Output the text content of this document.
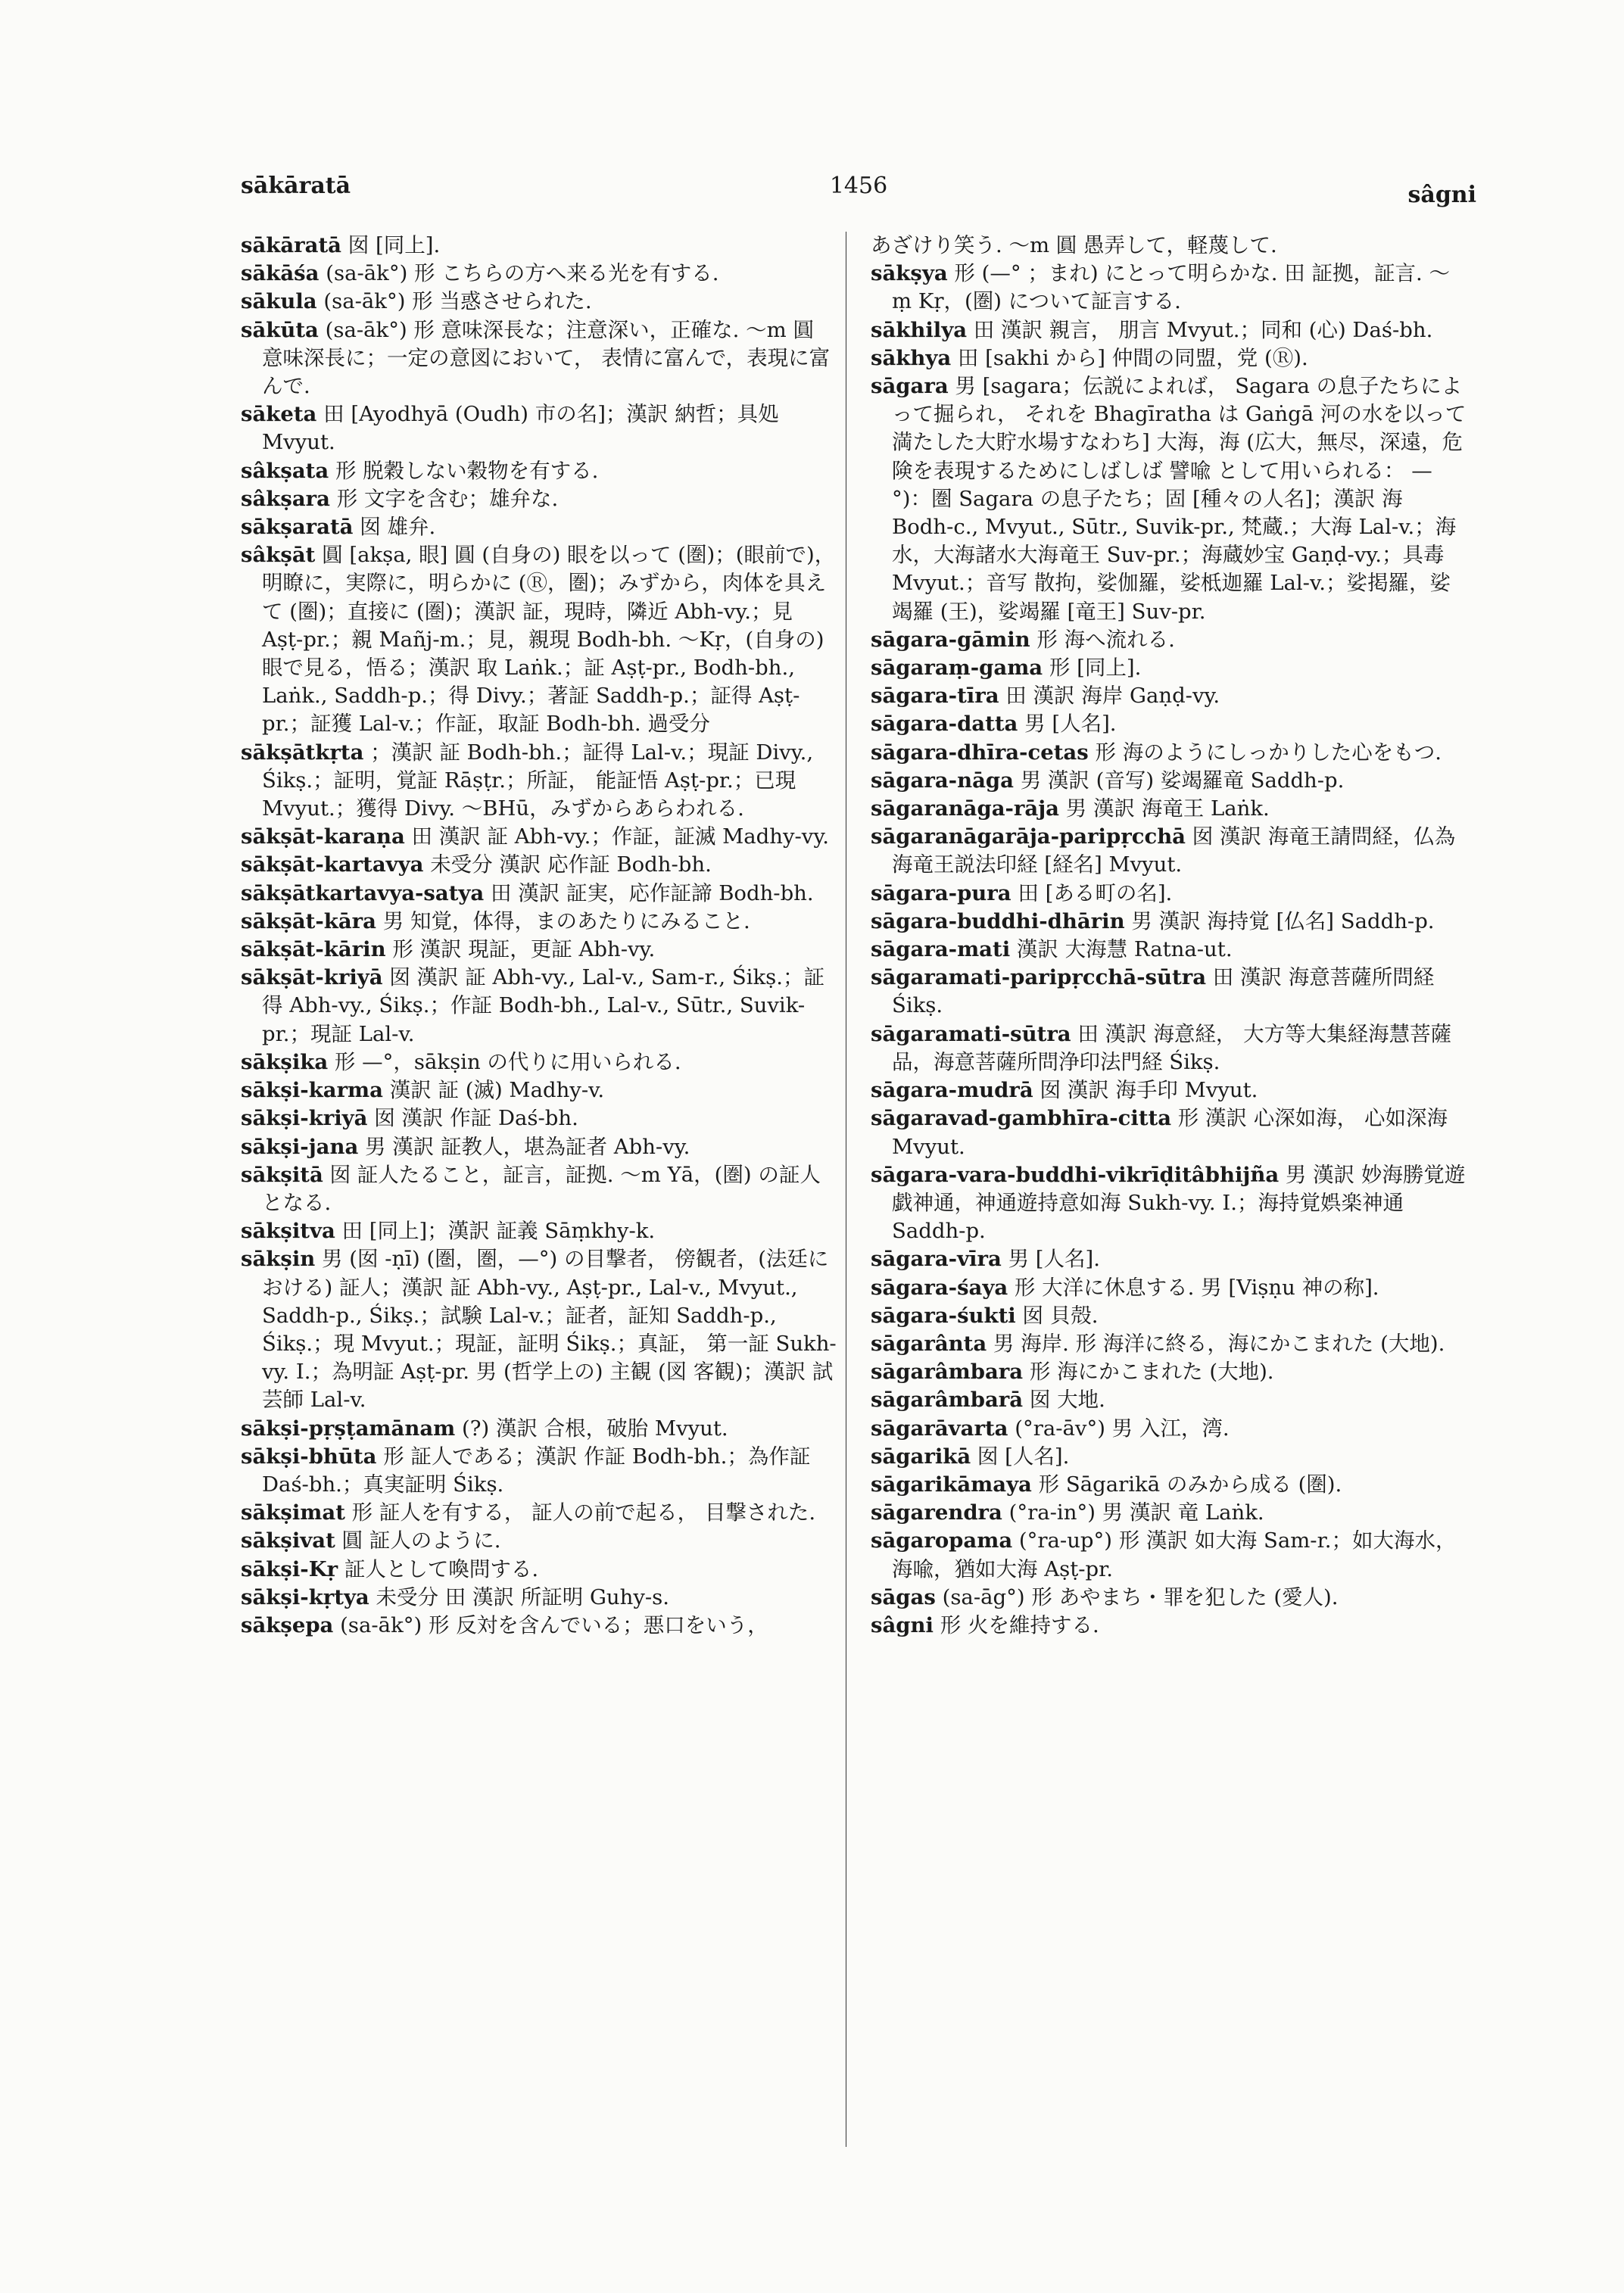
sākāratā	1456	sâgni

sākāratā 囡 [同上].

sākāśa (sa-āk°) 形 こちらの方へ来る光を有する.

sākula (sa-āk°) 形 当惑させられた.

sākūta (sa-āk°) 形 意味深長な；注意深い，正確な. ～m 圓 意味深長に；一定の意図において， 表情に富んで，表現に富んで.

sāketa 田 [Ayodhyā (Oudh) 市の名]；漢訳 納哲；具処 Mvyut.

sâkṣata 形 脱穀しない穀物を有する.

sâkṣara 形 文字を含む；雄弁な.

sākṣaratā 囡 雄弁.

sâkṣāt 圓 [akṣa, 眼] 圓 (自身の) 眼を以って (圏)；(眼前で)，明瞭に，実際に，明らかに (Ⓡ，圏)；みずから，肉体を具えて (圏)；直接に (圏)；漢訳 証，現時，隣近 Abh-vy.；見 Aṣṭ-pr.；親 Mañj-m.；見，親現 Bodh-bh. ～Kṛ，(自身の) 眼で見る，悟る；漢訳 取 Laṅk.；証 Aṣṭ-pr., Bodh-bh., Laṅk., Saddh-p.；得 Divy.；著証 Saddh-p.；証得 Aṣṭ-pr.；証獲 Lal-v.；作証，取証 Bodh-bh. 過受分

sākṣātkṛta ；漢訳 証 Bodh-bh.；証得 Lal-v.；現証 Divy., Śikṣ.；証明，覚証 Rāṣṭr.；所証， 能証悟 Aṣṭ-pr.；已現 Mvyut.；獲得 Divy. ～BHū，みずからあらわれる.

sākṣāt-karaṇa 田 漢訳 証 Abh-vy.；作証，証滅 Madhy-vy.

sākṣāt-kartavya 未受分 漢訳 応作証 Bodh-bh.

sākṣātkartavya-satya 田 漢訳 証実，応作証諦 Bodh-bh.

sākṣāt-kāra 男 知覚，体得，まのあたりにみること.

sākṣāt-kārin 形 漢訳 現証，更証 Abh-vy.

sākṣāt-kriyā 囡 漢訳 証 Abh-vy., Lal-v., Sam-r., Śikṣ.；証得 Abh-vy., Śikṣ.；作証 Bodh-bh., Lal-v., Sūtr., Suvik-pr.；現証 Lal-v.

sākṣika 形 —°，sākṣin の代りに用いられる.

sākṣi-karma 漢訳 証 (滅) Madhy-v.

sākṣi-kriyā 囡 漢訳 作証 Daś-bh.

sākṣi-jana 男 漢訳 証教人，堪為証者 Abh-vy.

sākṣitā 囡 証人たること，証言，証拠. ～m Yā，(圏) の証人となる.

sākṣitva 田 [同上]；漢訳 証義 Sāṃkhy-k.

sākṣin 男 (囡 -ṇī) (圏，圏，—°) の目撃者， 傍観者，(法廷における) 証人；漢訳 証 Abh-vy., Aṣṭ-pr., Lal-v., Mvyut., Saddh-p., Śikṣ.；試験 Lal-v.；証者，証知 Saddh-p., Śikṣ.；現 Mvyut.；現証，証明 Śikṣ.；真証， 第一証 Sukh-vy. I.；為明証 Aṣṭ-pr. 男 (哲学上の) 主観 (図 客観)；漢訳 試芸師 Lal-v.

sākṣi-pṛṣṭamānam (?) 漢訳 合根，破胎 Mvyut.

sākṣi-bhūta 形 証人である；漢訳 作証 Bodh-bh.；為作証 Daś-bh.；真実証明 Śikṣ.

sākṣimat 形 証人を有する， 証人の前で起る， 目撃された.

sākṣivat 圓 証人のように.

sākṣi-Kṛ 証人として喚問する.

sākṣi-kṛtya 未受分 田 漢訳 所証明 Guhy-s.

sākṣepa (sa-āk°) 形 反対を含んでいる；悪口をいう，

あざけり笑う. ～m 圓 愚弄して，軽蔑して.

sākṣya 形 (—° ；まれ) にとって明らかな. 田 証拠，証言. ～ṃ Kṛ，(圏) について証言する.

sākhilya 田 漢訳 親言， 朋言 Mvyut.；同和 (心) Daś-bh.

sākhya 田 [sakhi から] 仲間の同盟，党 (Ⓡ).

sāgara 男 [sagara；伝説によれば， Sagara の息子たちによって掘られ， それを Bhagīratha は Gaṅgā 河の水を以って満たした大貯水場すなわち] 大海，海 (広大，無尽，深遠，危険を表現するためにしばしば 譬喩 として用いられる： —°)：圏 Sagara の息子たち；固 [種々の人名]；漢訳 海 Bodh-c., Mvyut., Sūtr., Suvik-pr., 梵蔵.；大海 Lal-v.；海水，大海諸水大海竜王 Suv-pr.；海蔵妙宝 Gaṇḍ-vy.；具毒 Mvyut.；音写 散拘，娑伽羅，娑柢迦羅 Lal-v.；娑掲羅，娑竭羅 (王)，娑竭羅 [竜王] Suv-pr.

sāgara-gāmin 形 海へ流れる.

sāgaraṃ-gama 形 [同上].

sāgara-tīra 田 漢訳 海岸 Gaṇḍ-vy.

sāgara-datta 男 [人名].

sāgara-dhīra-cetas 形 海のようにしっかりした心をもつ.

sāgara-nāga 男 漢訳 (音写) 娑竭羅竜 Saddh-p.

sāgaranāga-rāja 男 漢訳 海竜王 Laṅk.

sāgaranāgarāja-paripṛcchā 囡 漢訳 海竜王請問経，仏為海竜王説法印経 [経名] Mvyut.

sāgara-pura 田 [ある町の名].

sāgara-buddhi-dhārin 男 漢訳 海持覚 [仏名] Saddh-p.

sāgara-mati 漢訳 大海慧 Ratna-ut.

sāgaramati-paripṛcchā-sūtra 田 漢訳 海意菩薩所問経 Śikṣ.

sāgaramati-sūtra 田 漢訳 海意経， 大方等大集経海慧菩薩品，海意菩薩所問浄印法門経 Śikṣ.

sāgara-mudrā 囡 漢訳 海手印 Mvyut.

sāgaravad-gambhīra-citta 形 漢訳 心深如海， 心如深海 Mvyut.

sāgara-vara-buddhi-vikrīḍitâbhijña 男 漢訳 妙海勝覚遊戯神通，神通遊持意如海 Sukh-vy. I.；海持覚娯楽神通 Saddh-p.

sāgara-vīra 男 [人名].

sāgara-śaya 形 大洋に休息する. 男 [Viṣṇu 神の称].

sāgara-śukti 囡 貝殻.

sāgarânta 男 海岸. 形 海洋に終る，海にかこまれた (大地).

sāgarâmbara 形 海にかこまれた (大地).

sāgarâmbarā 囡 大地.

sāgarāvarta (°ra-āv°) 男 入江，湾.

sāgarikā 囡 [人名].

sāgarikāmaya 形 Sāgarikā のみから成る (圏).

sāgarendra (°ra-in°) 男 漢訳 竜 Laṅk.

sāgaropama (°ra-up°) 形 漢訳 如大海 Sam-r.；如大海水，海喩，猶如大海 Aṣṭ-pr.

sāgas (sa-āg°) 形 あやまち・罪を犯した (愛人).

sâgni 形 火を維持する.
